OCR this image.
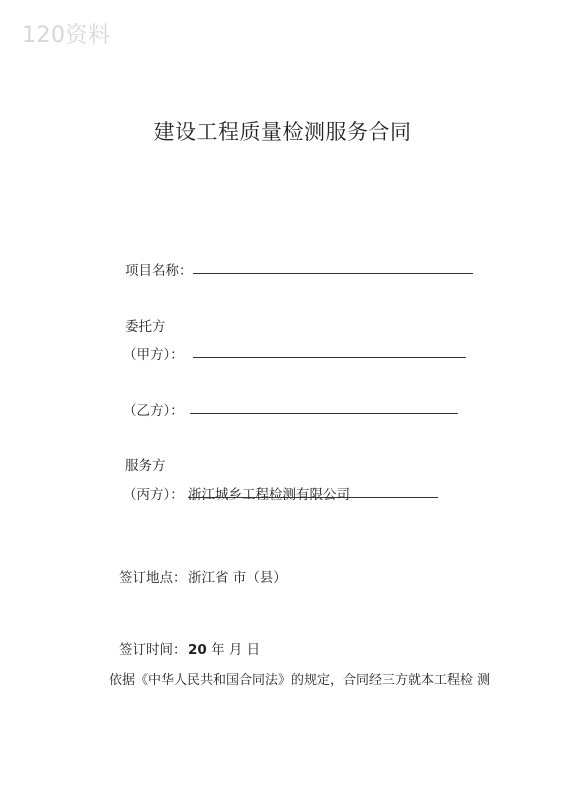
120资料
建设工程质量检测服务合同
项目名称：
委托方
（甲方）：
（乙方）：
服务方
（丙方）： 浙江城乡工程检测有限公司
签订地点： 浙江省 市（县）
签订时间： 20 年 月 日
依据《中华人民共和国合同法》的规定，合同经三方就本工程检 测
